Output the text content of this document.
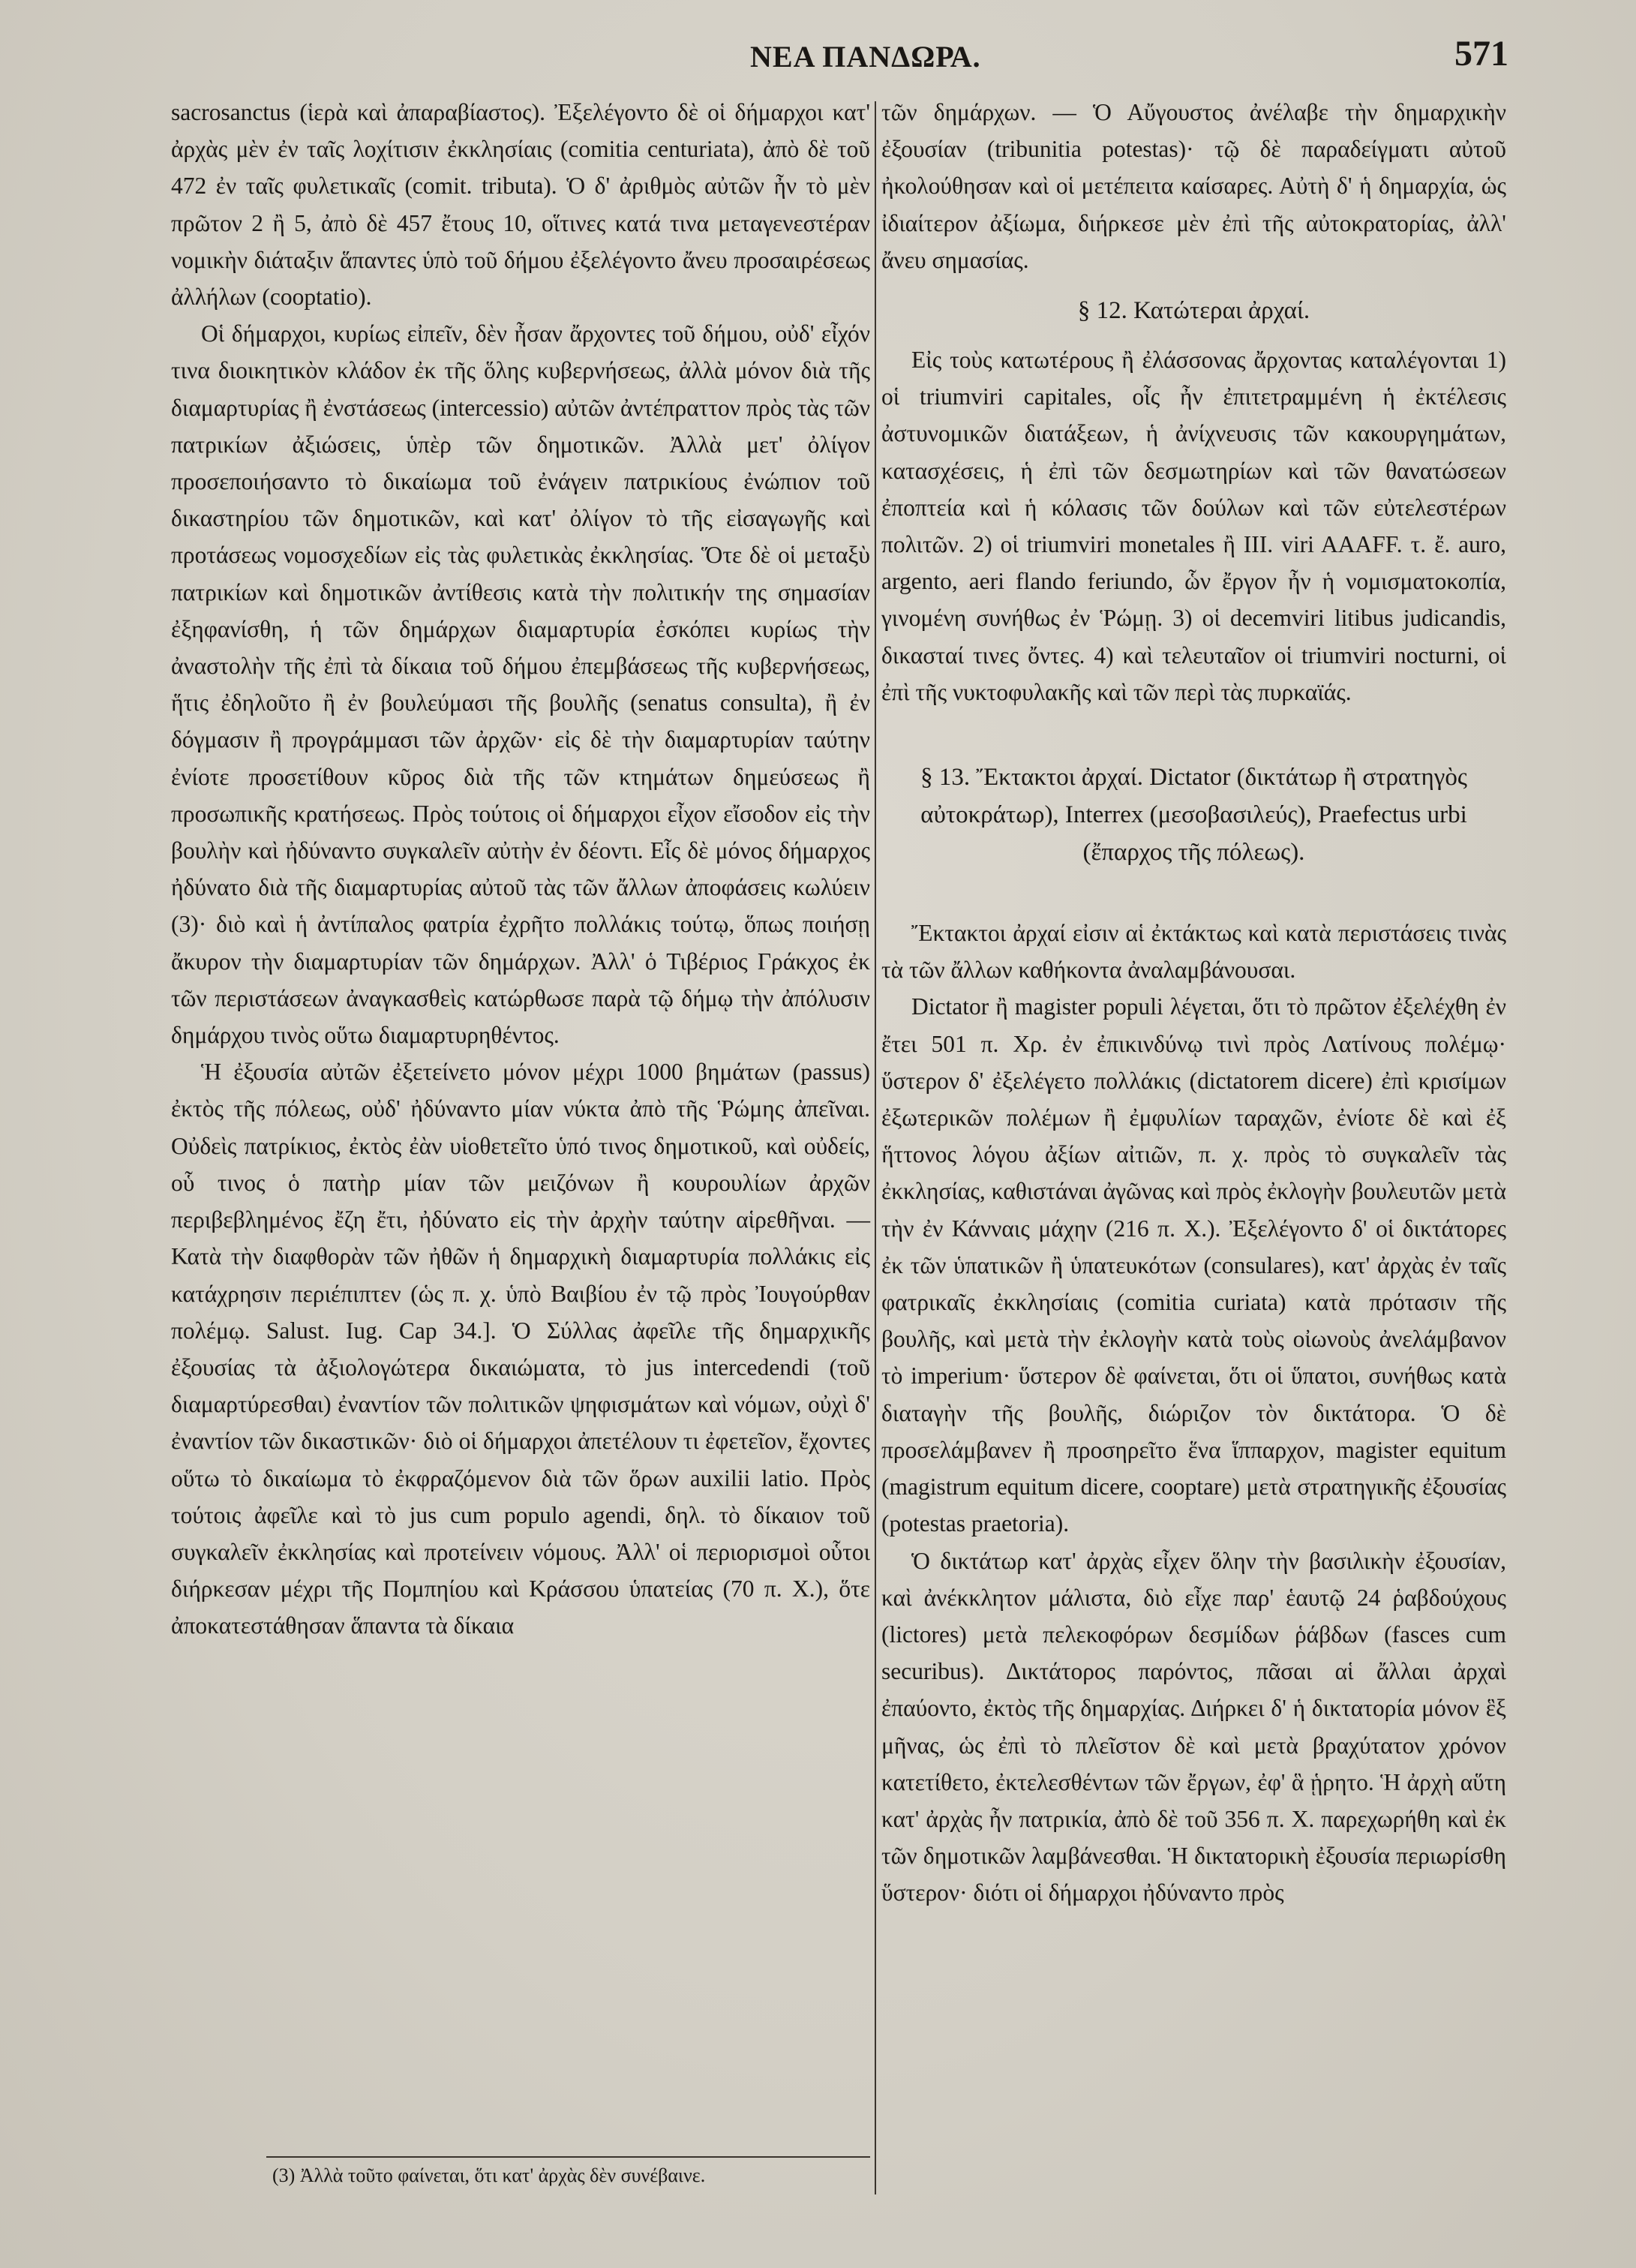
ΝΕΑ ΠΑΝΔΩΡΑ.	571

sacrosanctus (ἱερὰ καὶ ἀπαραβίαστος). Ἐξελέγοντο δὲ οἱ δήμαρχοι κατ' ἀρχὰς μὲν ἐν ταῖς λοχίτισιν ἐκκλησίαις (comitia centuriata), ἀπὸ δὲ τοῦ 472 ἐν ταῖς φυλετικαῖς (comit. tributa). Ὁ δ' ἀριθμὸς αὐτῶν ἦν τὸ μὲν πρῶτον 2 ἢ 5, ἀπὸ δὲ 457 ἔτους 10, οἵτινες κατά τινα μεταγενεστέραν νομικὴν διάταξιν ἅπαντες ὑπὸ τοῦ δήμου ἐξελέγοντο ἄνευ προσαιρέσεως ἀλλήλων (cooptatio).

Οἱ δήμαρχοι, κυρίως εἰπεῖν, δὲν ἦσαν ἄρχοντες τοῦ δήμου, οὐδ' εἶχόν τινα διοικητικὸν κλάδον ἐκ τῆς ὅλης κυβερνήσεως, ἀλλὰ μόνον διὰ τῆς διαμαρτυρίας ἢ ἐνστάσεως (intercessio) αὐτῶν ἀντέπραττον πρὸς τὰς τῶν πατρικίων ἀξιώσεις, ὑπὲρ τῶν δημοτικῶν. Ἀλλὰ μετ' ὀλίγον προσεποιήσαντο τὸ δικαίωμα τοῦ ἐνάγειν πατρικίους ἐνώπιον τοῦ δικαστηρίου τῶν δημοτικῶν, καὶ κατ' ὀλίγον τὸ τῆς εἰσαγωγῆς καὶ προτάσεως νομοσχεδίων εἰς τὰς φυλετικὰς ἐκκλησίας. Ὅτε δὲ οἱ μεταξὺ πατρικίων καὶ δημοτικῶν ἀντίθεσις κατὰ τὴν πολιτικήν της σημασίαν ἐξηφανίσθη, ἡ τῶν δημάρχων διαμαρτυρία ἐσκόπει κυρίως τὴν ἀναστολὴν τῆς ἐπὶ τὰ δίκαια τοῦ δήμου ἐπεμβάσεως τῆς κυβερνήσεως, ἥτις ἐδηλοῦτο ἢ ἐν βουλεύμασι τῆς βουλῆς (senatus consulta), ἢ ἐν δόγμασιν ἢ προγράμμασι τῶν ἀρχῶν· εἰς δὲ τὴν διαμαρτυρίαν ταύτην ἐνίοτε προσετίθουν κῦρος διὰ τῆς τῶν κτημάτων δημεύσεως ἢ προσωπικῆς κρατήσεως. Πρὸς τούτοις οἱ δήμαρχοι εἶχον εἴσοδον εἰς τὴν βουλὴν καὶ ἠδύναντο συγκαλεῖν αὐτὴν ἐν δέοντι. Εἷς δὲ μόνος δήμαρχος ἠδύνατο διὰ τῆς διαμαρτυρίας αὐτοῦ τὰς τῶν ἄλλων ἀποφάσεις κωλύειν (3)· διὸ καὶ ἡ ἀντίπαλος φατρία ἐχρῆτο πολλάκις τούτῳ, ὅπως ποιήσῃ ἄκυρον τὴν διαμαρτυρίαν τῶν δημάρχων. Ἀλλ' ὁ Τιβέριος Γράκχος ἐκ τῶν περιστάσεων ἀναγκασθεὶς κατώρθωσε παρὰ τῷ δήμῳ τὴν ἀπόλυσιν δημάρχου τινὸς οὕτω διαμαρτυρηθέντος.

Ἡ ἐξουσία αὐτῶν ἐξετείνετο μόνον μέχρι 1000 βημάτων (passus) ἐκτὸς τῆς πόλεως, οὐδ' ἠδύναντο μίαν νύκτα ἀπὸ τῆς Ῥώμης ἀπεῖναι. Οὐδεὶς πατρίκιος, ἐκτὸς ἐὰν υἱοθετεῖτο ὑπό τινος δημοτικοῦ, καὶ οὐδείς, οὗ τινος ὁ πατὴρ μίαν τῶν μειζόνων ἢ κουρουλίων ἀρχῶν περιβεβλημένος ἔζη ἔτι, ἠδύνατο εἰς τὴν ἀρχὴν ταύτην αἱρεθῆναι. — Κατὰ τὴν διαφθορὰν τῶν ἠθῶν ἡ δημαρχικὴ διαμαρτυρία πολλάκις εἰς κατάχρησιν περιέπιπτεν (ὡς π. χ. ὑπὸ Βαιβίου ἐν τῷ πρὸς Ἰουγούρθαν πολέμῳ. Salust. Iug. Cap 34.]. Ὁ Σύλλας ἀφεῖλε τῆς δημαρχικῆς ἐξουσίας τὰ ἀξιολογώτερα δικαιώματα, τὸ jus intercedendi (τοῦ διαμαρτύρεσθαι) ἐναντίον τῶν πολιτικῶν ψηφισμάτων καὶ νόμων, οὐχὶ δ' ἐναντίον τῶν δικαστικῶν· διὸ οἱ δήμαρχοι ἀπετέλουν τι ἐφετεῖον, ἔχοντες οὕτω τὸ δικαίωμα τὸ ἐκφραζόμενον διὰ τῶν ὅρων auxilii latio. Πρὸς τούτοις ἀφεῖλε καὶ τὸ jus cum populo agendi, δηλ. τὸ δίκαιον τοῦ συγκαλεῖν ἐκκλησίας καὶ προτείνειν νόμους. Ἀλλ' οἱ περιορισμοὶ οὗτοι διήρκεσαν μέχρι τῆς Πομπηίου καὶ Κράσσου ὑπατείας (70 π. Χ.), ὅτε ἀποκατεστάθησαν ἅπαντα τὰ δίκαια

τῶν δημάρχων. — Ὁ Αὔγουστος ἀνέλαβε τὴν δημαρχικὴν ἐξουσίαν (tribunitia potestas)· τῷ δὲ παραδείγματι αὐτοῦ ἠκολούθησαν καὶ οἱ μετέπειτα καίσαρες. Αὐτὴ δ' ἡ δημαρχία, ὡς ἰδιαίτερον ἀξίωμα, διήρκεσε μὲν ἐπὶ τῆς αὐτοκρατορίας, ἀλλ' ἄνευ σημασίας.

§ 12. Κατώτεραι ἀρχαί.

Εἰς τοὺς κατωτέρους ἢ ἐλάσσονας ἄρχοντας καταλέγονται 1) οἱ triumviri capitales, οἷς ἦν ἐπιτετραμμένη ἡ ἐκτέλεσις ἀστυνομικῶν διατάξεων, ἡ ἀνίχνευσις τῶν κακουργημάτων, κατασχέσεις, ἡ ἐπὶ τῶν δεσμωτηρίων καὶ τῶν θανατώσεων ἐποπτεία καὶ ἡ κόλασις τῶν δούλων καὶ τῶν εὐτελεστέρων πολιτῶν. 2) οἱ triumviri monetales ἢ III. viri AAAFF. τ. ἔ. auro, argento, aeri flando feriundo, ὧν ἔργον ἦν ἡ νομισματοκοπία, γινομένη συνήθως ἐν Ῥώμῃ. 3) οἱ decemviri litibus judicandis, δικασταί τινες ὄντες. 4) καὶ τελευταῖον οἱ triumviri nocturni, οἱ ἐπὶ τῆς νυκτοφυλακῆς καὶ τῶν περὶ τὰς πυρκαϊάς.

§ 13. Ἔκτακτοι ἀρχαί. Dictator (δικτάτωρ ἢ στρατηγὸς αὐτοκράτωρ), Interrex (μεσοβασιλεύς), Praefectus urbi (ἔπαρχος τῆς πόλεως).

Ἔκτακτοι ἀρχαί εἰσιν αἱ ἐκτάκτως καὶ κατὰ περιστάσεις τινὰς τὰ τῶν ἄλλων καθήκοντα ἀναλαμβάνουσαι.

Dictator ἢ magister populi λέγεται, ὅτι τὸ πρῶτον ἐξελέχθη ἐν ἔτει 501 π. Χρ. ἐν ἐπικινδύνῳ τινὶ πρὸς Λατίνους πολέμῳ· ὕστερον δ' ἐξελέγετο πολλάκις (dictatorem dicere) ἐπὶ κρισίμων ἐξωτερικῶν πολέμων ἢ ἐμφυλίων ταραχῶν, ἐνίοτε δὲ καὶ ἐξ ἥττονος λόγου ἀξίων αἰτιῶν, π. χ. πρὸς τὸ συγκαλεῖν τὰς ἐκκλησίας, καθιστάναι ἀγῶνας καὶ πρὸς ἐκλογὴν βουλευτῶν μετὰ τὴν ἐν Κάνναις μάχην (216 π. Χ.). Ἐξελέγοντο δ' οἱ δικτάτορες ἐκ τῶν ὑπατικῶν ἢ ὑπατευκότων (consulares), κατ' ἀρχὰς ἐν ταῖς φατρικαῖς ἐκκλησίαις (comitia curiata) κατὰ πρότασιν τῆς βουλῆς, καὶ μετὰ τὴν ἐκλογὴν κατὰ τοὺς οἰωνοὺς ἀνελάμβανον τὸ imperium· ὕστερον δὲ φαίνεται, ὅτι οἱ ὕπατοι, συνήθως κατὰ διαταγὴν τῆς βουλῆς, διώριζον τὸν δικτάτορα. Ὁ δὲ προσελάμβανεν ἢ προσηρεῖτο ἕνα ἵππαρχον, magister equitum (magistrum equitum dicere, cooptare) μετὰ στρατηγικῆς ἐξουσίας (potestas praetoria).

Ὁ δικτάτωρ κατ' ἀρχὰς εἶχεν ὅλην τὴν βασιλικὴν ἐξουσίαν, καὶ ἀνέκκλητον μάλιστα, διὸ εἶχε παρ' ἑαυτῷ 24 ῥαβδούχους (lictores) μετὰ πελεκοφόρων δεσμίδων ῥάβδων (fasces cum securibus). Δικτάτορος παρόντος, πᾶσαι αἱ ἄλλαι ἀρχαὶ ἐπαύοντο, ἐκτὸς τῆς δημαρχίας. Διήρκει δ' ἡ δικτατορία μόνον ἓξ μῆνας, ὡς ἐπὶ τὸ πλεῖστον δὲ καὶ μετὰ βραχύτατον χρόνον κατετίθετο, ἐκτελεσθέντων τῶν ἔργων, ἐφ' ἃ ᾑρητο. Ἡ ἀρχὴ αὕτη κατ' ἀρχὰς ἦν πατρικία, ἀπὸ δὲ τοῦ 356 π. Χ. παρεχωρήθη καὶ ἐκ τῶν δημοτικῶν λαμβάνεσθαι. Ἡ δικτατορικὴ ἐξουσία περιωρίσθη ὕστερον· διότι οἱ δήμαρχοι ἠδύναντο πρὸς

(3) Ἀλλὰ τοῦτο φαίνεται, ὅτι κατ' ἀρχὰς δὲν συνέβαινε.
